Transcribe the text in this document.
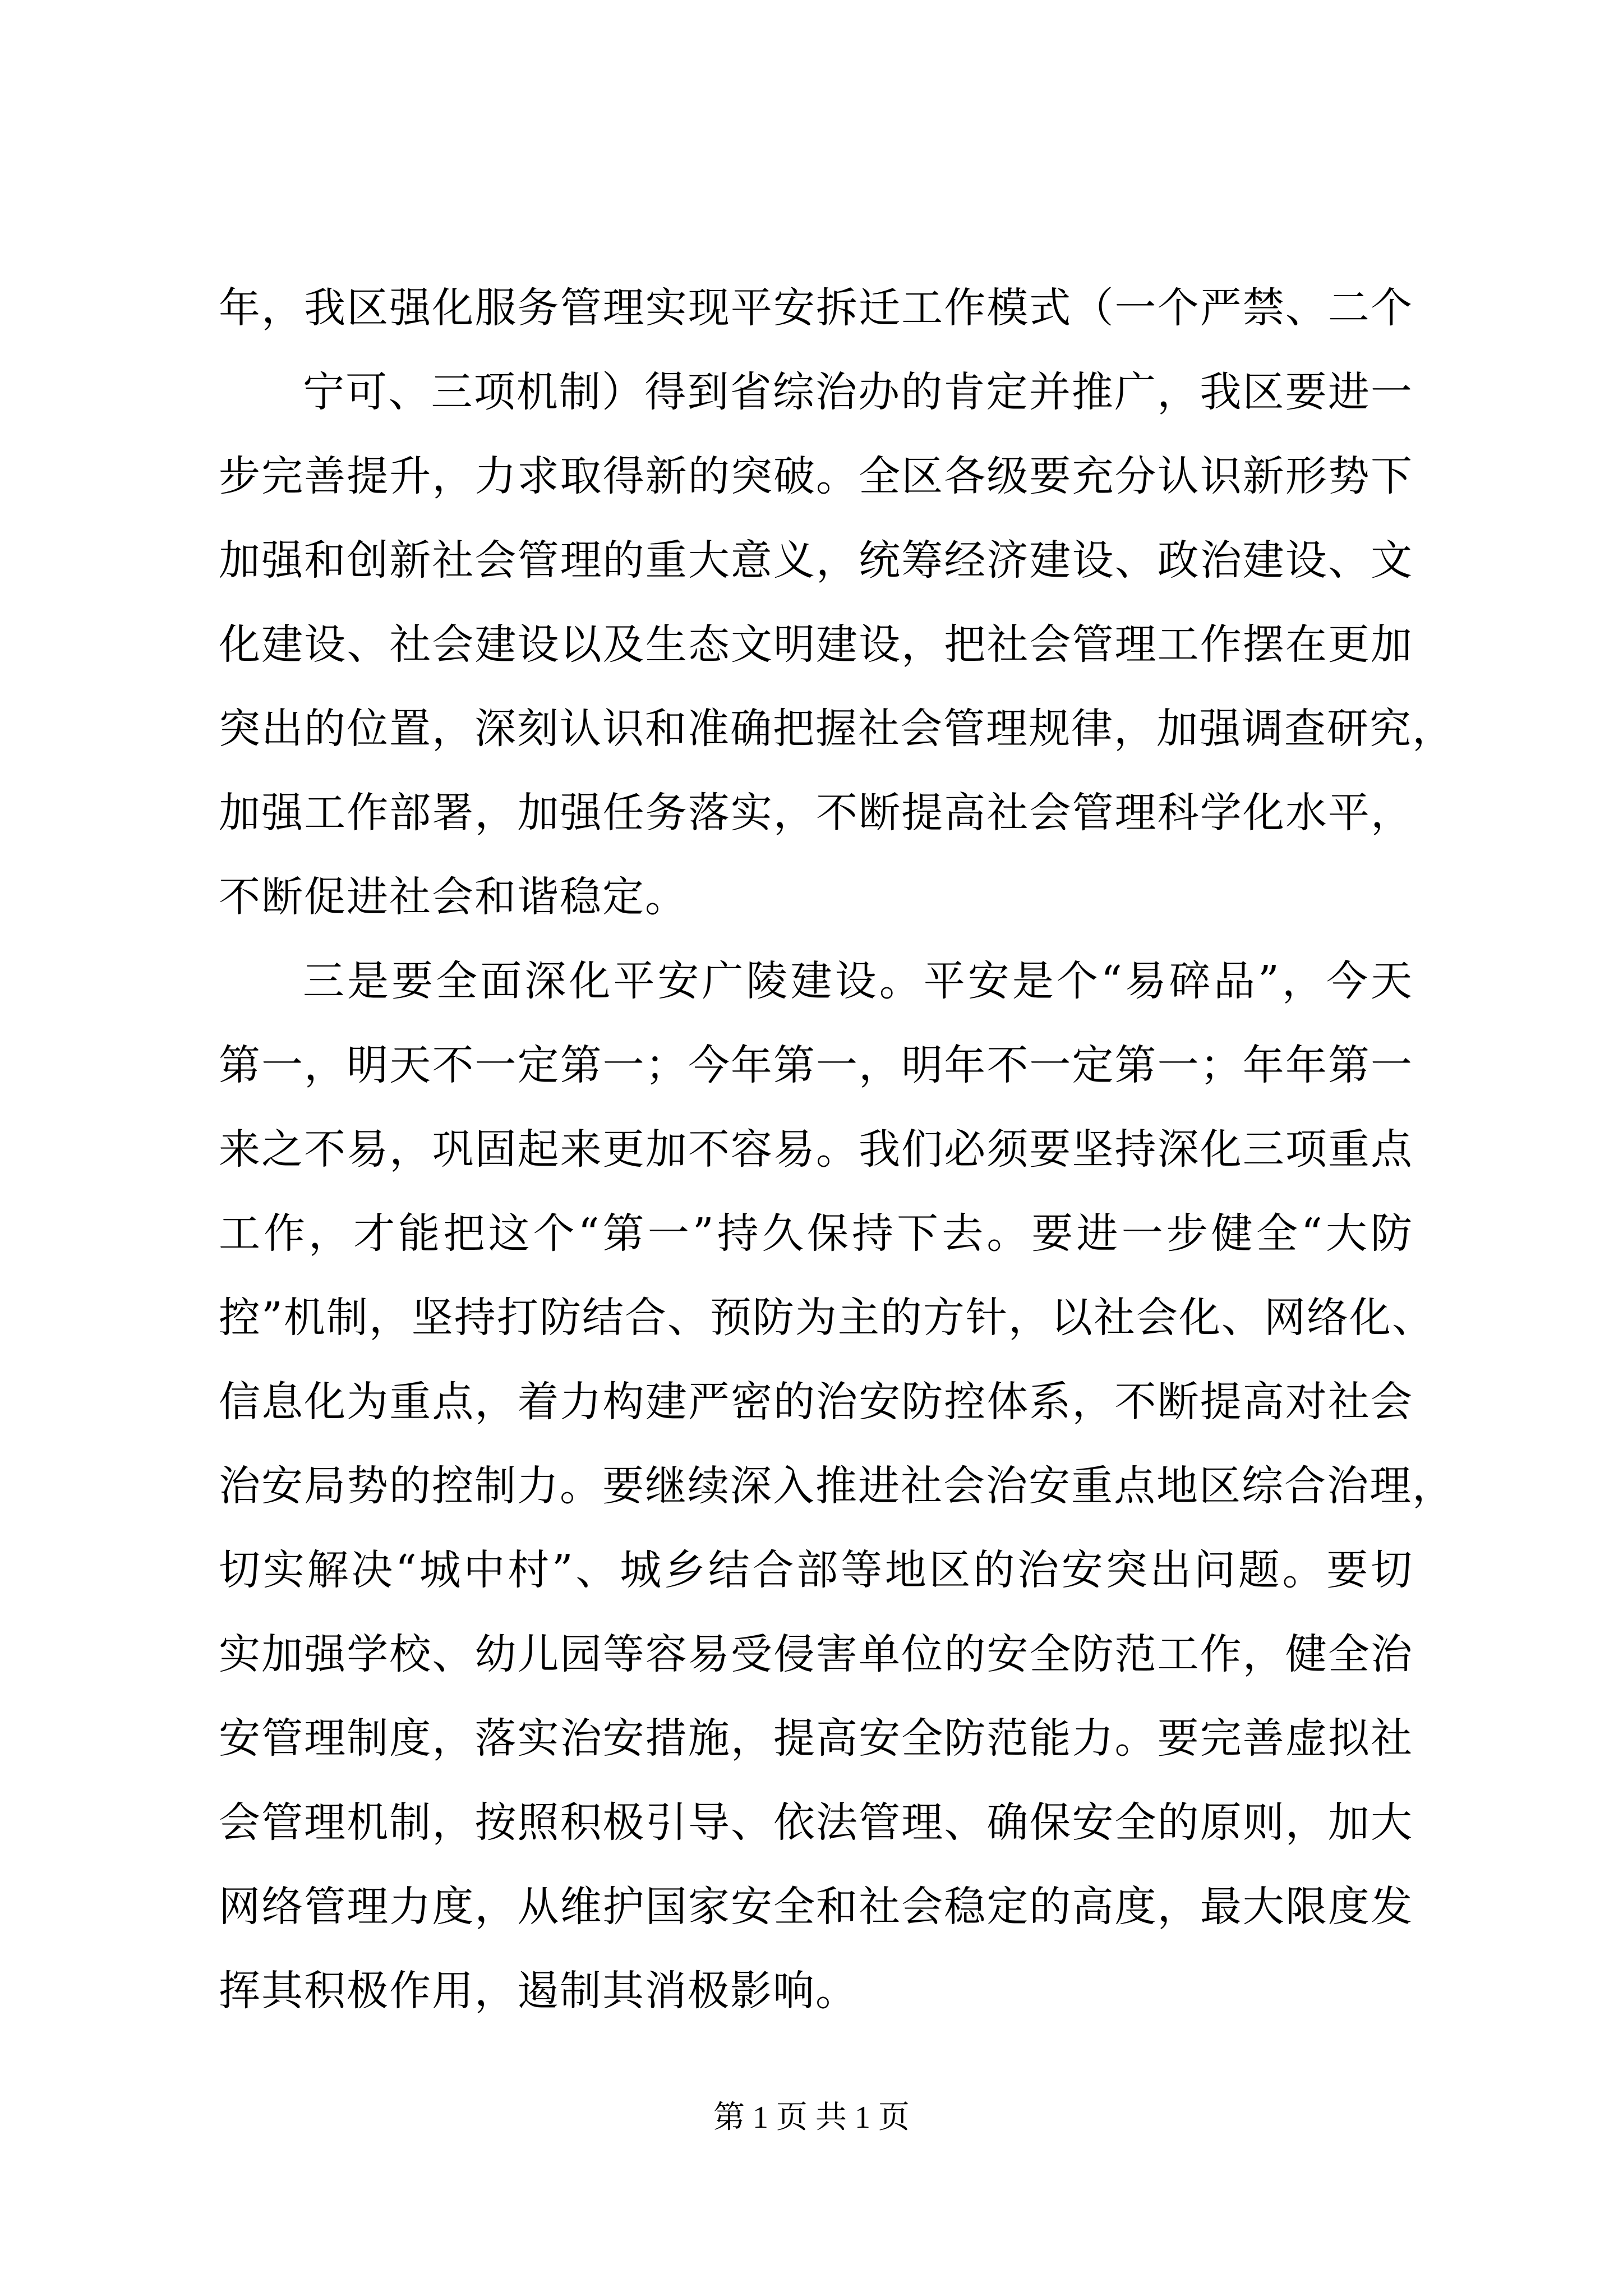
年，我区强化服务管理实现平安拆迁工作模式（一个严禁、二个
宁可、三项机制）得到省综治办的肯定并推广，我区要进一
步完善提升，力求取得新的突破。全区各级要充分认识新形势下
加强和创新社会管理的重大意义，统筹经济建设、政治建设、文
化建设、社会建设以及生态文明建设，把社会管理工作摆在更加
突出的位置，深刻认识和准确把握社会管理规律，加强调查研究，
加强工作部署，加强任务落实，不断提高社会管理科学化水平，
不断促进社会和谐稳定。
三是要全面深化平安广陵建设。平安是个“易碎品”，今天
第一，明天不一定第一；今年第一，明年不一定第一；年年第一
来之不易，巩固起来更加不容易。我们必须要坚持深化三项重点
工作，才能把这个“第一”持久保持下去。要进一步健全“大防
控”机制，坚持打防结合、预防为主的方针，以社会化、网络化、
信息化为重点，着力构建严密的治安防控体系，不断提高对社会
治安局势的控制力。要继续深入推进社会治安重点地区综合治理，
切实解决“城中村”、城乡结合部等地区的治安突出问题。要切
实加强学校、幼儿园等容易受侵害单位的安全防范工作，健全治
安管理制度，落实治安措施，提高安全防范能力。要完善虚拟社
会管理机制，按照积极引导、依法管理、确保安全的原则，加大
网络管理力度，从维护国家安全和社会稳定的高度，最大限度发
挥其积极作用，遏制其消极影响。
第 1 页 共 1 页
